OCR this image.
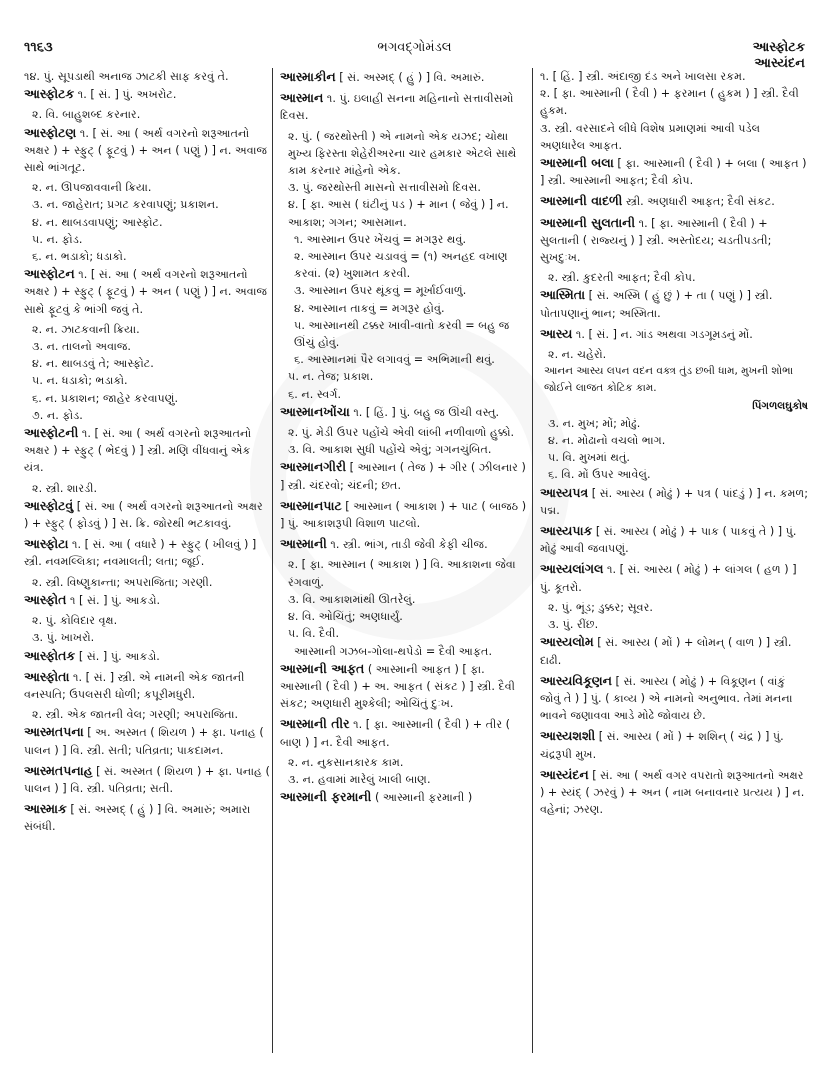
૧૧૬૩	ભગવદ્ગોમંડલ	આસ્ફોટક
આસ્યંદન
૧૪. પું. સૂપડાથી અનાજ ઝાટકી સાફ કરવું તે.
આસ્ફોટક ૧. [ સં. ] પું. અખરોટ.
૨. વિ. બાહુશબ્દ કરનાર.
આસ્ફોટણ ૧. [ સં. આ ( અર્થ વગરનો શરૂઆતનો અક્ષર ) + સ્ફુટ્ ( ફૂટવું ) + અન ( પણું ) ] ન. અવાજ સાથે ભાંગતૂટ.
૨. ન. ઊપજાવવાની ક્રિયા.
૩. ન. જાહેરાત; પ્રગટ કરવાપણું; પ્રકાશન.
૪. ન. થાબડવાપણું; આસ્ફોટ.
૫. ન. ફોડ.
૬. ન. ભડાકો; ધડાકો.
આસ્ફોટન ૧. [ સં. આ ( અર્થ વગરનો શરૂઆતનો અક્ષર ) + સ્ફુટ્ ( ફૂટવું ) + અન ( પણું ) ] ન. અવાજ સાથે ફૂટવું કે ભાંગી જવું તે.
૨. ન. ઝાટકવાની ક્રિયા.
૩. ન. તાલનો અવાજ.
૪. ન. થાબડવું તે; આસ્ફોટ.
૫. ન. ધડાકો; ભડાકો.
૬. ન. પ્રકાશન; જાહેર કરવાપણું.
૭. ન. ફોડ.
આસ્ફોટની ૧. [ સં. આ ( અર્થ વગરનો શરૂઆતનો અક્ષર ) + સ્ફુટ્ ( ભેદવું ) ] સ્ત્રી. મણિ વીંધવાનું એક યંત્ર.
૨. સ્ત્રી. શારડી.
આસ્ફોટવું [ સં. આ ( અર્થ વગરનો શરૂઆતનો અક્ષર ) + સ્ફુટ્ ( ફોડવું ) ] સ. ક્રિ. જોરથી ભટકાવવું.
આસ્ફોટા ૧. [ સં. આ ( વધારે ) + સ્ફુટ્ ( ખીલવું ) ] સ્ત્રી. નવમલ્લિકા; નવમાલતી; લતા; જૂઈ.
૨. સ્ત્રી. વિષ્ણુકાન્તા; અપરાજિતા; ગરણી.
આસ્ફોત ૧ [ સં. ] પું. આકડો.
૨. પું. કોવિદાર વૃક્ષ.
૩. પું. ખાખરો.
આસ્ફોતક [ સં. ] પું. આકડો.
આસ્ફોતા ૧. [ સં. ] સ્ત્રી. એ નામની એક જાતની વનસ્પતિ; ઉપલસરી ધોળી; કપૂરીમધુરી.
૨. સ્ત્રી. એક જાતની વેલ; ગરણી; અપરાજિતા.
આસ્મતપના [ અ. અસ્મત ( શિયળ ) + ફા. પનાહ ( પાલન ) ] વિ. સ્ત્રી. સતી; પતિવ્રતા; પાકદામન.
આસ્મતપનાહ [ સં. અસ્મત ( શિયળ ) + ફા. પનાહ ( પાલન ) ] વિ. સ્ત્રી. પતિવ્રતા; સતી.
આસ્માક [ સં. અસ્મદ્ ( હું ) ] વિ. અમારું; અમારા સંબંધી.
આસ્માકીન [ સં. અસ્મદ્ ( હું ) ] વિ. અમારું.
આસ્માન ૧. પું. ઇલાહી સનના મહિનાનો સત્તાવીસમો દિવસ.
૨. પું. ( જરથોસ્તી ) એ નામનો એક યઝદ; ચોથા મુખ્ય ફિરસ્તા શેહેરીઅરના ચાર હમકાર એટલે સાથે કામ કરનાર માંહેનો એક.
૩. પું. જરથોસ્તી માસનો સત્તાવીસમો દિવસ.
૪. [ ફા. આસ ( ઘંટીનું પડ ) + માન ( જેવું ) ] ન. આકાશ; ગગન; આસમાન.
૧. આસ્માન ઉપર ખેંચવું = મગરૂર થવું.
૨. આસ્માન ઉપર ચડાવવું = (૧) અનહદ વખાણ કરવાં. (૨) ખુશામત કરવી.
૩. આસ્માન ઉપર થૂંકવું = મૂર્ખાઈવાળું.
૪. આસ્માન તાકવું = મગરૂર હોવું.
૫. આસ્માનથી ટક્કર ખાવી-વાતો કરવી = બહુ જ ઊંચું હોવું.
૬. આસ્માનમાં પૈર લગાવવું = અભિમાની થવું.
૫. ન. તેજ; પ્રકાશ.
૬. ન. સ્વર્ગ.
આસ્માનખોંચા ૧. [ હિં. ] પું. બહુ જ ઊંચી વસ્તુ.
૨. પું. મેડી ઉપર પહોંચે એવી લાંબી નળીવાળો હુક્કો.
૩. વિ. આકાશ સુધી પહોંચે એવું; ગગનચુંબિત.
આસ્માનગીરી [ આસ્માન ( તેજ ) + ગીર ( ઝીલનાર ) ] સ્ત્રી. ચંદરવો; ચંદની; છત.
આસ્માનપાટ [ આસ્માન ( આકાશ ) + પાટ ( બાજઠ ) ] પું. આકાશરૂપી વિશાળ પાટલો.
આસ્માની ૧. સ્ત્રી. ભાંગ, તાડી જેવી કેફી ચીજ.
૨. [ ફા. આસ્માન ( આકાશ ) ] વિ. આકાશના જેવા રંગવાળું.
૩. વિ. આકાશમાંથી ઊતરેલું.
૪. વિ. ઓચિંતું; અણધાર્યું.
૫. વિ. દૈવી.
આસ્માની ગઝબ-ગોલા-થપેડો = દૈવી આફત.
આસ્માની આફત ( આસ્માની આફત ) [ ફા. આસ્માની ( દૈવી ) + અ. આફત ( સંકટ ) ] સ્ત્રી. દૈવી સંકટ; અણધારી મુશ્કેલી; ઓચિંતું દુઃખ.
આસ્માની તીર ૧. [ ફા. આસ્માની ( દૈવી ) + તીર ( બાણ ) ] ન. દૈવી આફત.
૨. ન. નુકસાનકારક કામ.
૩. ન. હવામાં મારેલું ખાલી બાણ.
આસ્માની ફરમાની ( આસ્માની ફરમાની )
૧. [ હિં. ] સ્ત્રી. અંદાજી દંડ અને ખાલસા રકમ.
૨. [ ફા. આસ્માની ( દૈવી ) + ફરમાન ( હુકમ ) ] સ્ત્રી. દૈવી હુકમ.
૩. સ્ત્રી. વરસાદને લીધે વિશેષ પ્રમાણમાં આવી પડેલ અણધારેલ આફત.
આસ્માની બલા [ ફા. આસ્માની ( દૈવી ) + બલા ( આફત ) ] સ્ત્રી. આસ્માની આફત; દૈવી કોપ.
આસ્માની વાદળી સ્ત્રી. અણધારી આફત; દૈવી સંકટ.
આસ્માની સુલતાની ૧. [ ફા. આસ્માની ( દૈવી ) + સુલતાની ( રાજ્યનું ) ] સ્ત્રી. અસ્તોદય; ચડતીપડતી; સુખદુઃખ.
૨. સ્ત્રી. કુદરતી આફત; દૈવી કોપ.
આસ્મિતા [ સં. અસ્મિ ( હું છું ) + તા ( પણું ) ] સ્ત્રી. પોતાપણાનું ભાન; અસ્મિતા.
આસ્ય ૧. [ સં. ] ન. ગાંડ અથવા ગડગૂમડનું મોં.
૨. ન. ચહેરો.
આનન આસ્ય લપન વદન વક્ત્ર તુંડ છબી ધામ, મુખની શોભા જોઈને લાજત કોટિક કામ.
પિંગળલઘુકોષ
૩. ન. મુખ; મોં; મોઢું.
૪. ન. મોઢાનો વચલો ભાગ.
૫. વિ. મુખમાં થતું.
૬. વિ. મોં ઉપર આવેલું.
આસ્યપત્ર [ સં. આસ્ય ( મોઢું ) + પત્ર ( પાંદડું ) ] ન. કમળ; પદ્મ.
આસ્યપાક [ સં. આસ્ય ( મોઢું ) + પાક ( પાકવું તે ) ] પું. મોઢું આવી જવાપણું.
આસ્યલાંગલ ૧. [ સં. આસ્ય ( મોઢું ) + લાંગલ ( હળ ) ] પું. કૂતરો.
૨. પું. ભૂંડ; ડુક્કર; સૂવર.
૩. પું. રીંછ.
આસ્યલોમ [ સં. આસ્ય ( મોં ) + લોમન્ ( વાળ ) ] સ્ત્રી. દાઢી.
આસ્યવિકૂણન [ સં. આસ્ય ( મોઢું ) + વિકૂણન ( વાંકું જોવું તે ) ] પું. ( કાવ્ય ) એ નામનો અનુભાવ. તેમાં મનના ભાવને જણાવવા આડે મોઢે જોવાય છે.
આસ્યશશી [ સં. આસ્ય ( મોં ) + શશિન્ ( ચંદ્ર ) ] પું. ચંદ્રરૂપી મુખ.
આસ્યંદન [ સં. આ ( અર્થ વગર વપરાતો શરૂઆતનો અક્ષર ) + સ્યંદ્ ( ઝરવું ) + અન ( નામ બનાવનાર પ્રત્યય ) ] ન. વહેનાં; ઝરણ.
